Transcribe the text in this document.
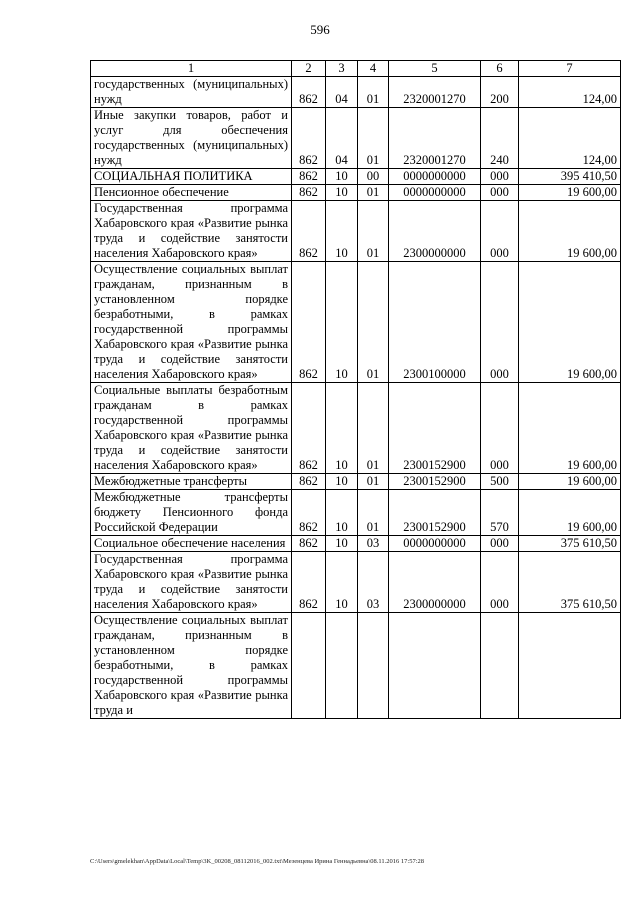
596
1	2	3	4	5	6	7
государственных (муниципальных) нужд	862	04	01	2320001270	200	124,00
Иные закупки товаров, работ и услуг для обеспечения государственных (муниципальных) нужд	862	04	01	2320001270	240	124,00
СОЦИАЛЬНАЯ ПОЛИТИКА	862	10	00	0000000000	000	395 410,50
Пенсионное обеспечение	862	10	01	0000000000	000	19 600,00
Государственная программа Хабаровского края «Развитие рынка труда и содействие занятости населения Хабаровского края»	862	10	01	2300000000	000	19 600,00
Осуществление социальных выплат гражданам, признанным в установленном порядке безработными, в рамках государственной программы Хабаровского края «Развитие рынка труда и содействие занятости населения Хабаровского края»	862	10	01	2300100000	000	19 600,00
Социальные выплаты безработным гражданам в рамках государственной программы Хабаровского края «Развитие рынка труда и содействие занятости населения Хабаровского края»	862	10	01	2300152900	000	19 600,00
Межбюджетные трансферты	862	10	01	2300152900	500	19 600,00
Межбюджетные трансферты бюджету Пенсионного фонда Российской Федерации	862	10	01	2300152900	570	19 600,00
Социальное обеспечение населения	862	10	03	0000000000	000	375 610,50
Государственная программа Хабаровского края «Развитие рынка труда и содействие занятости населения Хабаровского края»	862	10	03	2300000000	000	375 610,50
Осуществление социальных выплат гражданам, признанным в установленном порядке безработными, в рамках государственной программы Хабаровского края «Развитие рынка труда и						
C:\Users\gmelekhan\AppData\Local\Temp\3K_00208_08112016_002.txt\Мезенцева Ирина Геннадьевна\08.11.2016 17:57:28
